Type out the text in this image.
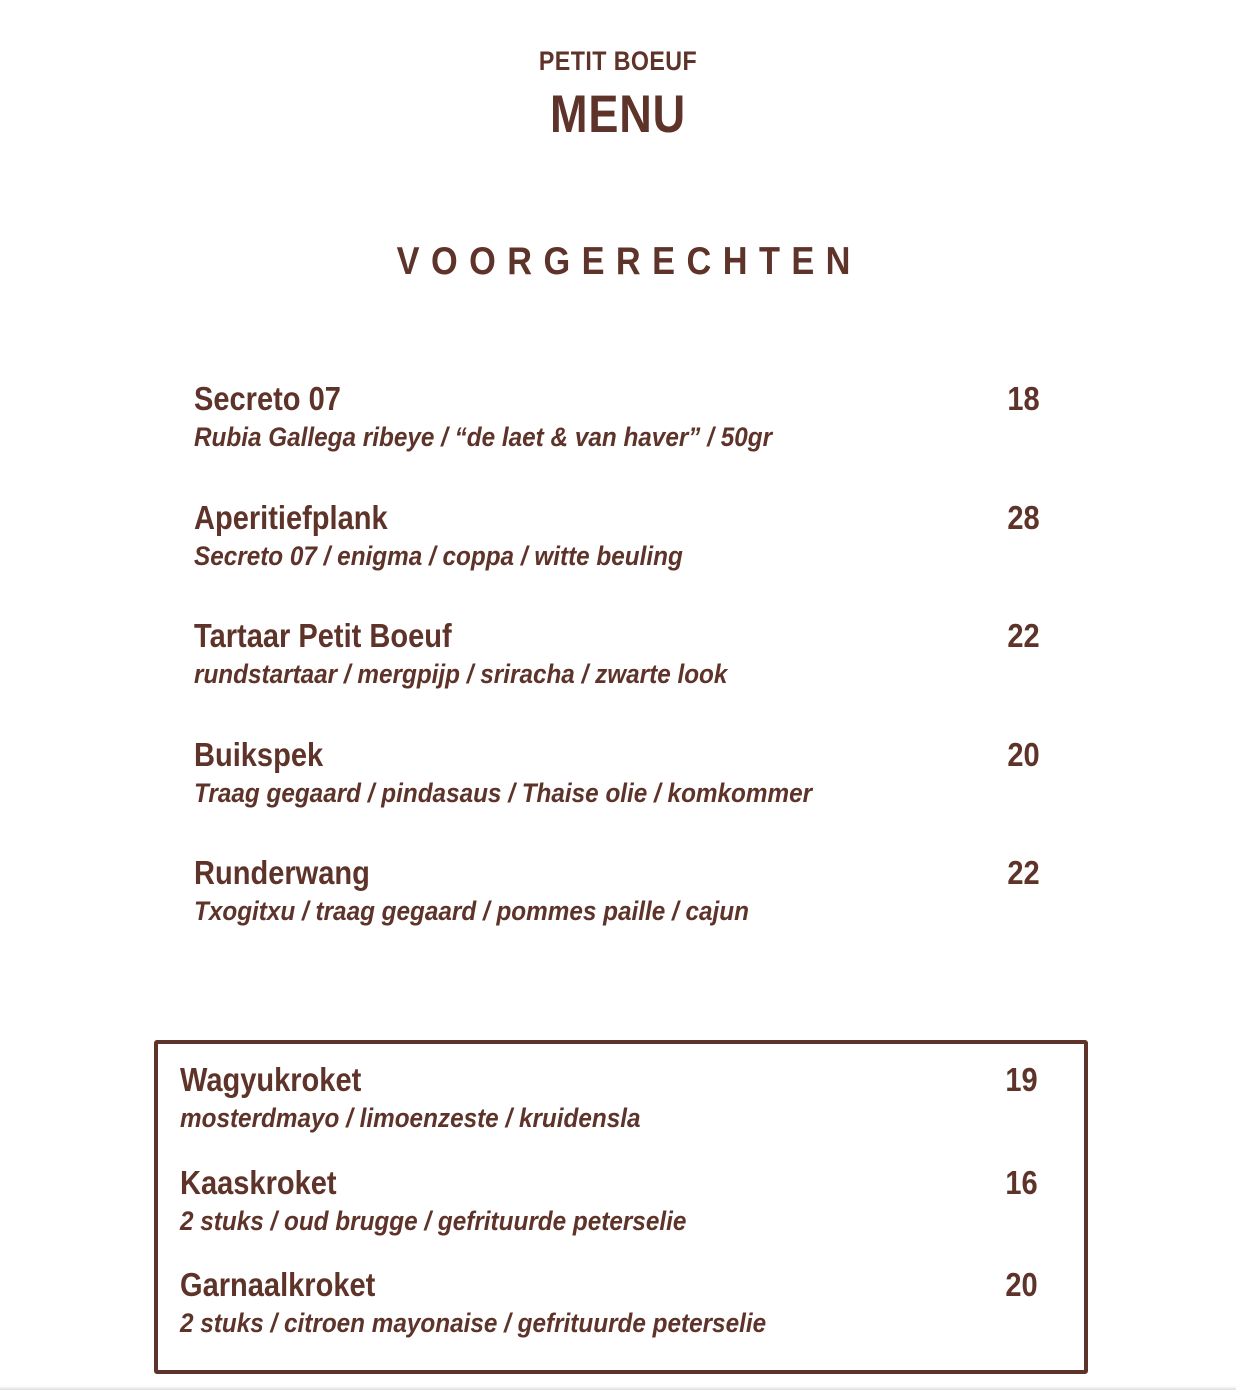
PETIT BOEUF
MENU
VOORGERECHTEN
Secreto 07	18
Rubia Gallega ribeye / “de laet & van haver” / 50gr
Aperitiefplank	28
Secreto 07 / enigma / coppa / witte beuling
Tartaar Petit Boeuf	22
rundstartaar / mergpijp / sriracha / zwarte look
Buikspek	20
Traag gegaard / pindasaus / Thaise olie / komkommer
Runderwang	22
Txogitxu / traag gegaard / pommes paille / cajun
Wagyukroket	19
mosterdmayo / limoenzeste / kruidensla
Kaaskroket	16
2 stuks / oud brugge / gefrituurde peterselie
Garnaalkroket	20
2 stuks / citroen mayonaise / gefrituurde peterselie
